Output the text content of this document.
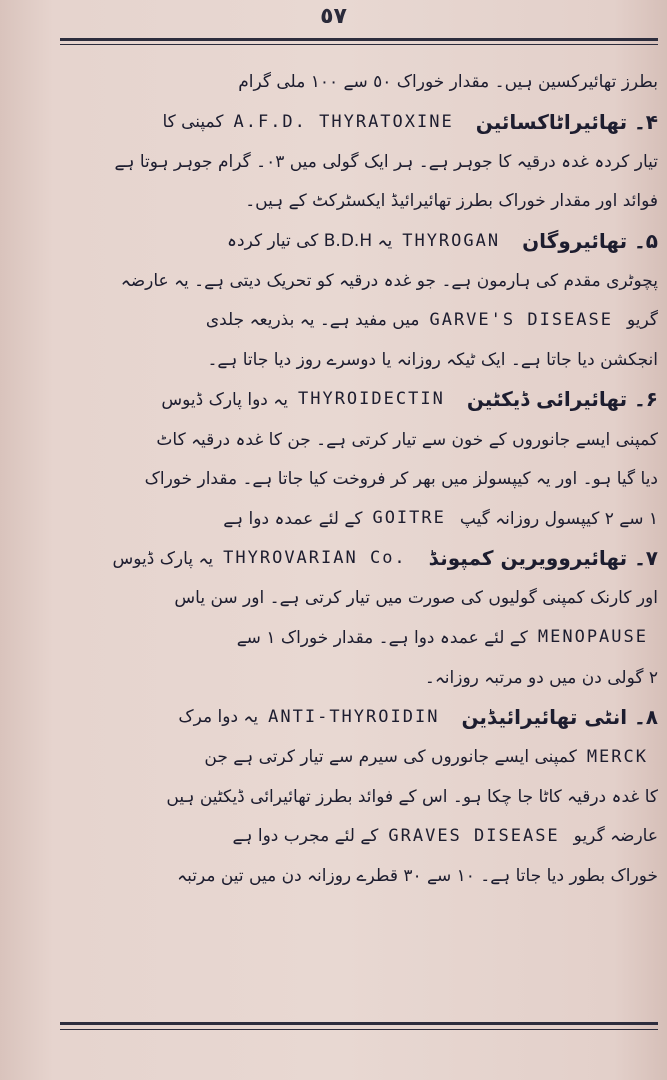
٥٧
بطرز تھائیرکسین ہیں۔ مقدار خوراک ٥٠ سے ١٠٠ ملی گرام
۴۔ تھائیراٹاکسائین
A.F.D. THYRATOXINE
کمپنی کا
تیار کردہ غدہ درقیہ کا جوہر ہے۔ ہر ایک گولی میں ٠٣۔ گرام جوہر ہوتا ہے
فوائد اور مقدار خوراک بطرز تھائیرائیڈ ایکسٹرکٹ کے ہیں۔
۵۔ تھائیروگان
THYROGAN
یہ B.D.H کی تیار کردہ
پچوٹری مقدم کی ہارمون ہے۔ جو غدہ درقیہ کو تحریک دیتی ہے۔ یہ عارضہ
گریو
GARVE'S DISEASE
میں مفید ہے۔ یہ بذریعہ جلدی
انجکشن دیا جاتا ہے۔ ایک ٹیکہ روزانہ یا دوسرے روز دیا جاتا ہے۔
۶۔ تھائیرائی ڈیکٹین
THYROIDECTIN
یہ دوا پارک ڈیوس
کمپنی ایسے جانوروں کے خون سے تیار کرتی ہے۔ جن کا غدہ درقیہ کاٹ
دیا گیا ہو۔ اور یہ کیپسولز میں بھر کر فروخت کیا جاتا ہے۔ مقدار خوراک
۱ سے ۲ کیپسول روزانہ گیپ
GOITRE
کے لئے عمدہ دوا ہے
۷۔ تھائیروویرین کمپونڈ
THYROVARIAN Co.
یہ پارک ڈیوس
اور کارنک کمپنی گولیوں کی صورت میں تیار کرتی ہے۔ اور سن یاس
MENOPAUSE
کے لئے عمدہ دوا ہے۔ مقدار خوراک ۱ سے
۲ گولی دن میں دو مرتبہ روزانہ۔
۸۔ انٹی تھائیرائیڈین
ANTI-THYROIDIN
یہ دوا مرک
MERCK
کمپنی ایسے جانوروں کی سیرم سے تیار کرتی ہے جن
کا غدہ درقیہ کاٹا جا چکا ہو۔ اس کے فوائد بطرز تھائیرائی ڈیکٹین ہیں
عارضہ گریو
GRAVES DISEASE
کے لئے مجرب دوا ہے
خوراک بطور دیا جاتا ہے۔ ۱۰ سے ۳۰ قطرے روزانہ دن میں تین مرتبہ
